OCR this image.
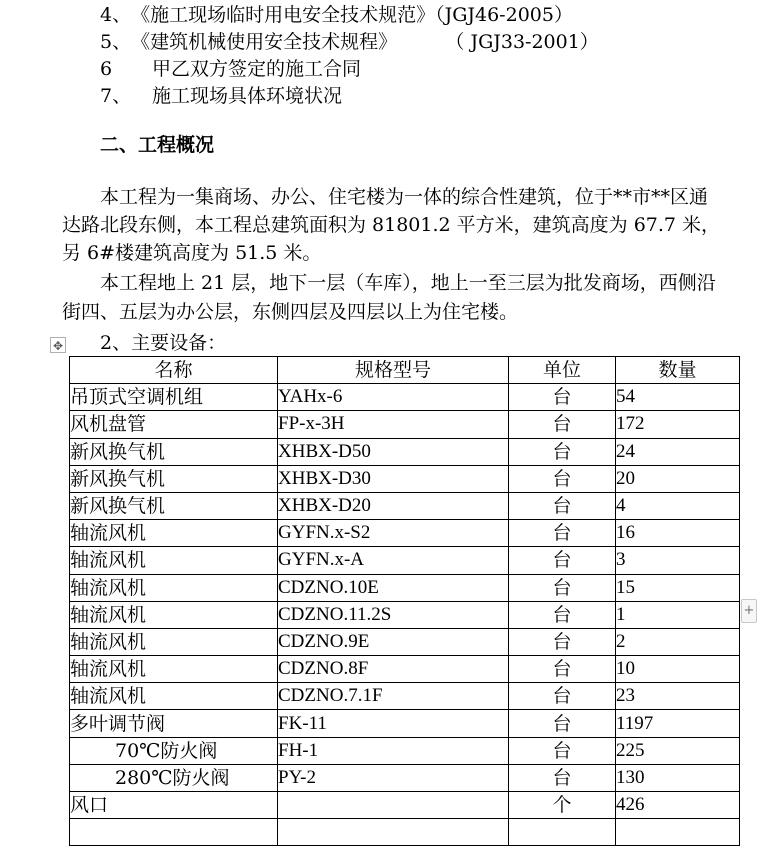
4、《施工现场临时用电安全技术规范》（JGJ46-2005）
5、《建筑机械使用安全技术规程》        （ JGJ33-2001）
6 甲乙双方签定的施工合同
7、 施工现场具体环境状况
二、工程概况
本工程为一集商场、办公、住宅楼为一体的综合性建筑，位于**市**区通
达路北段东侧，本工程总建筑面积为 81801.2 平方米，建筑高度为 67.7 米，
另 6#楼建筑高度为 51.5 米。
本工程地上 21 层，地下一层（车库），地上一至三层为批发商场，西侧沿
街四、五层为办公层，东侧四层及四层以上为住宅楼。
✥ 2、主要设备：
名称	规格型号	单位	数量
吊顶式空调机组	YAHx-6	台	54
风机盘管	FP-x-3H	台	172
新风换气机	XHBX-D50	台	24
新风换气机	XHBX-D30	台	20
新风换气机	XHBX-D20	台	4
轴流风机	GYFN.x-S2	台	16
轴流风机	GYFN.x-A	台	3
轴流风机	CDZNO.10E	台	15
轴流风机	CDZNO.11.2S	台	1
轴流风机	CDZNO.9E	台	2
轴流风机	CDZNO.8F	台	10
轴流风机	CDZNO.7.1F	台	23
多叶调节阀	FK-11	台	1197
70℃防火阀	FH-1	台	225
280℃防火阀	PY-2	台	130
风口		个	426

+
